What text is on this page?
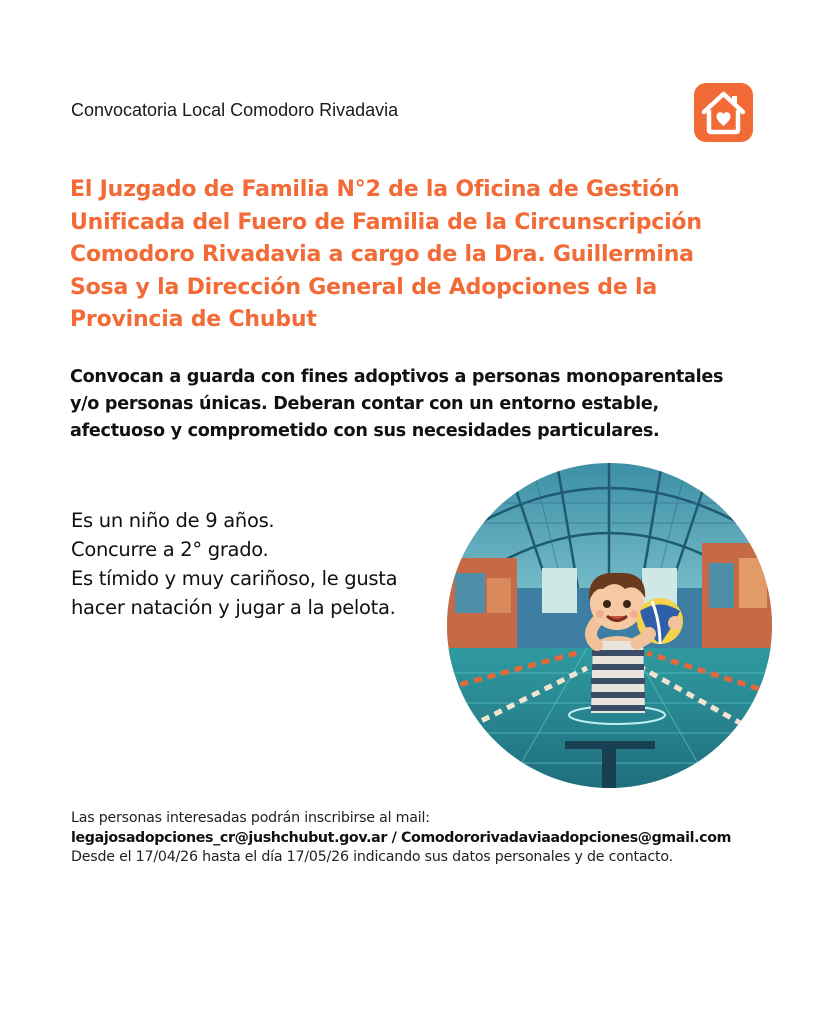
Convocatoria Local Comodoro Rivadavia
El Juzgado de Familia N°2 de la Oficina de Gestión
Unificada del Fuero de Familia de la Circunscripción
Comodoro Rivadavia a cargo de la Dra. Guillermina
Sosa y la Dirección General de Adopciones de la
Provincia de Chubut
Convocan a guarda con fines adoptivos a personas monoparentales
y/o personas únicas. Deberan contar con un entorno estable,
afectuoso y comprometido con sus necesidades particulares.
Es un niño de 9 años.
Concurre a 2° grado.
Es tímido y muy cariñoso, le gusta
hacer natación y jugar a la pelota.
Las personas interesadas podrán inscribirse al mail:
legajosadopciones_cr@jushchubut.gov.ar / Comodororivadaviaadopciones@gmail.com
Desde el 17/04/26 hasta el día 17/05/26 indicando sus datos personales y de contacto.
